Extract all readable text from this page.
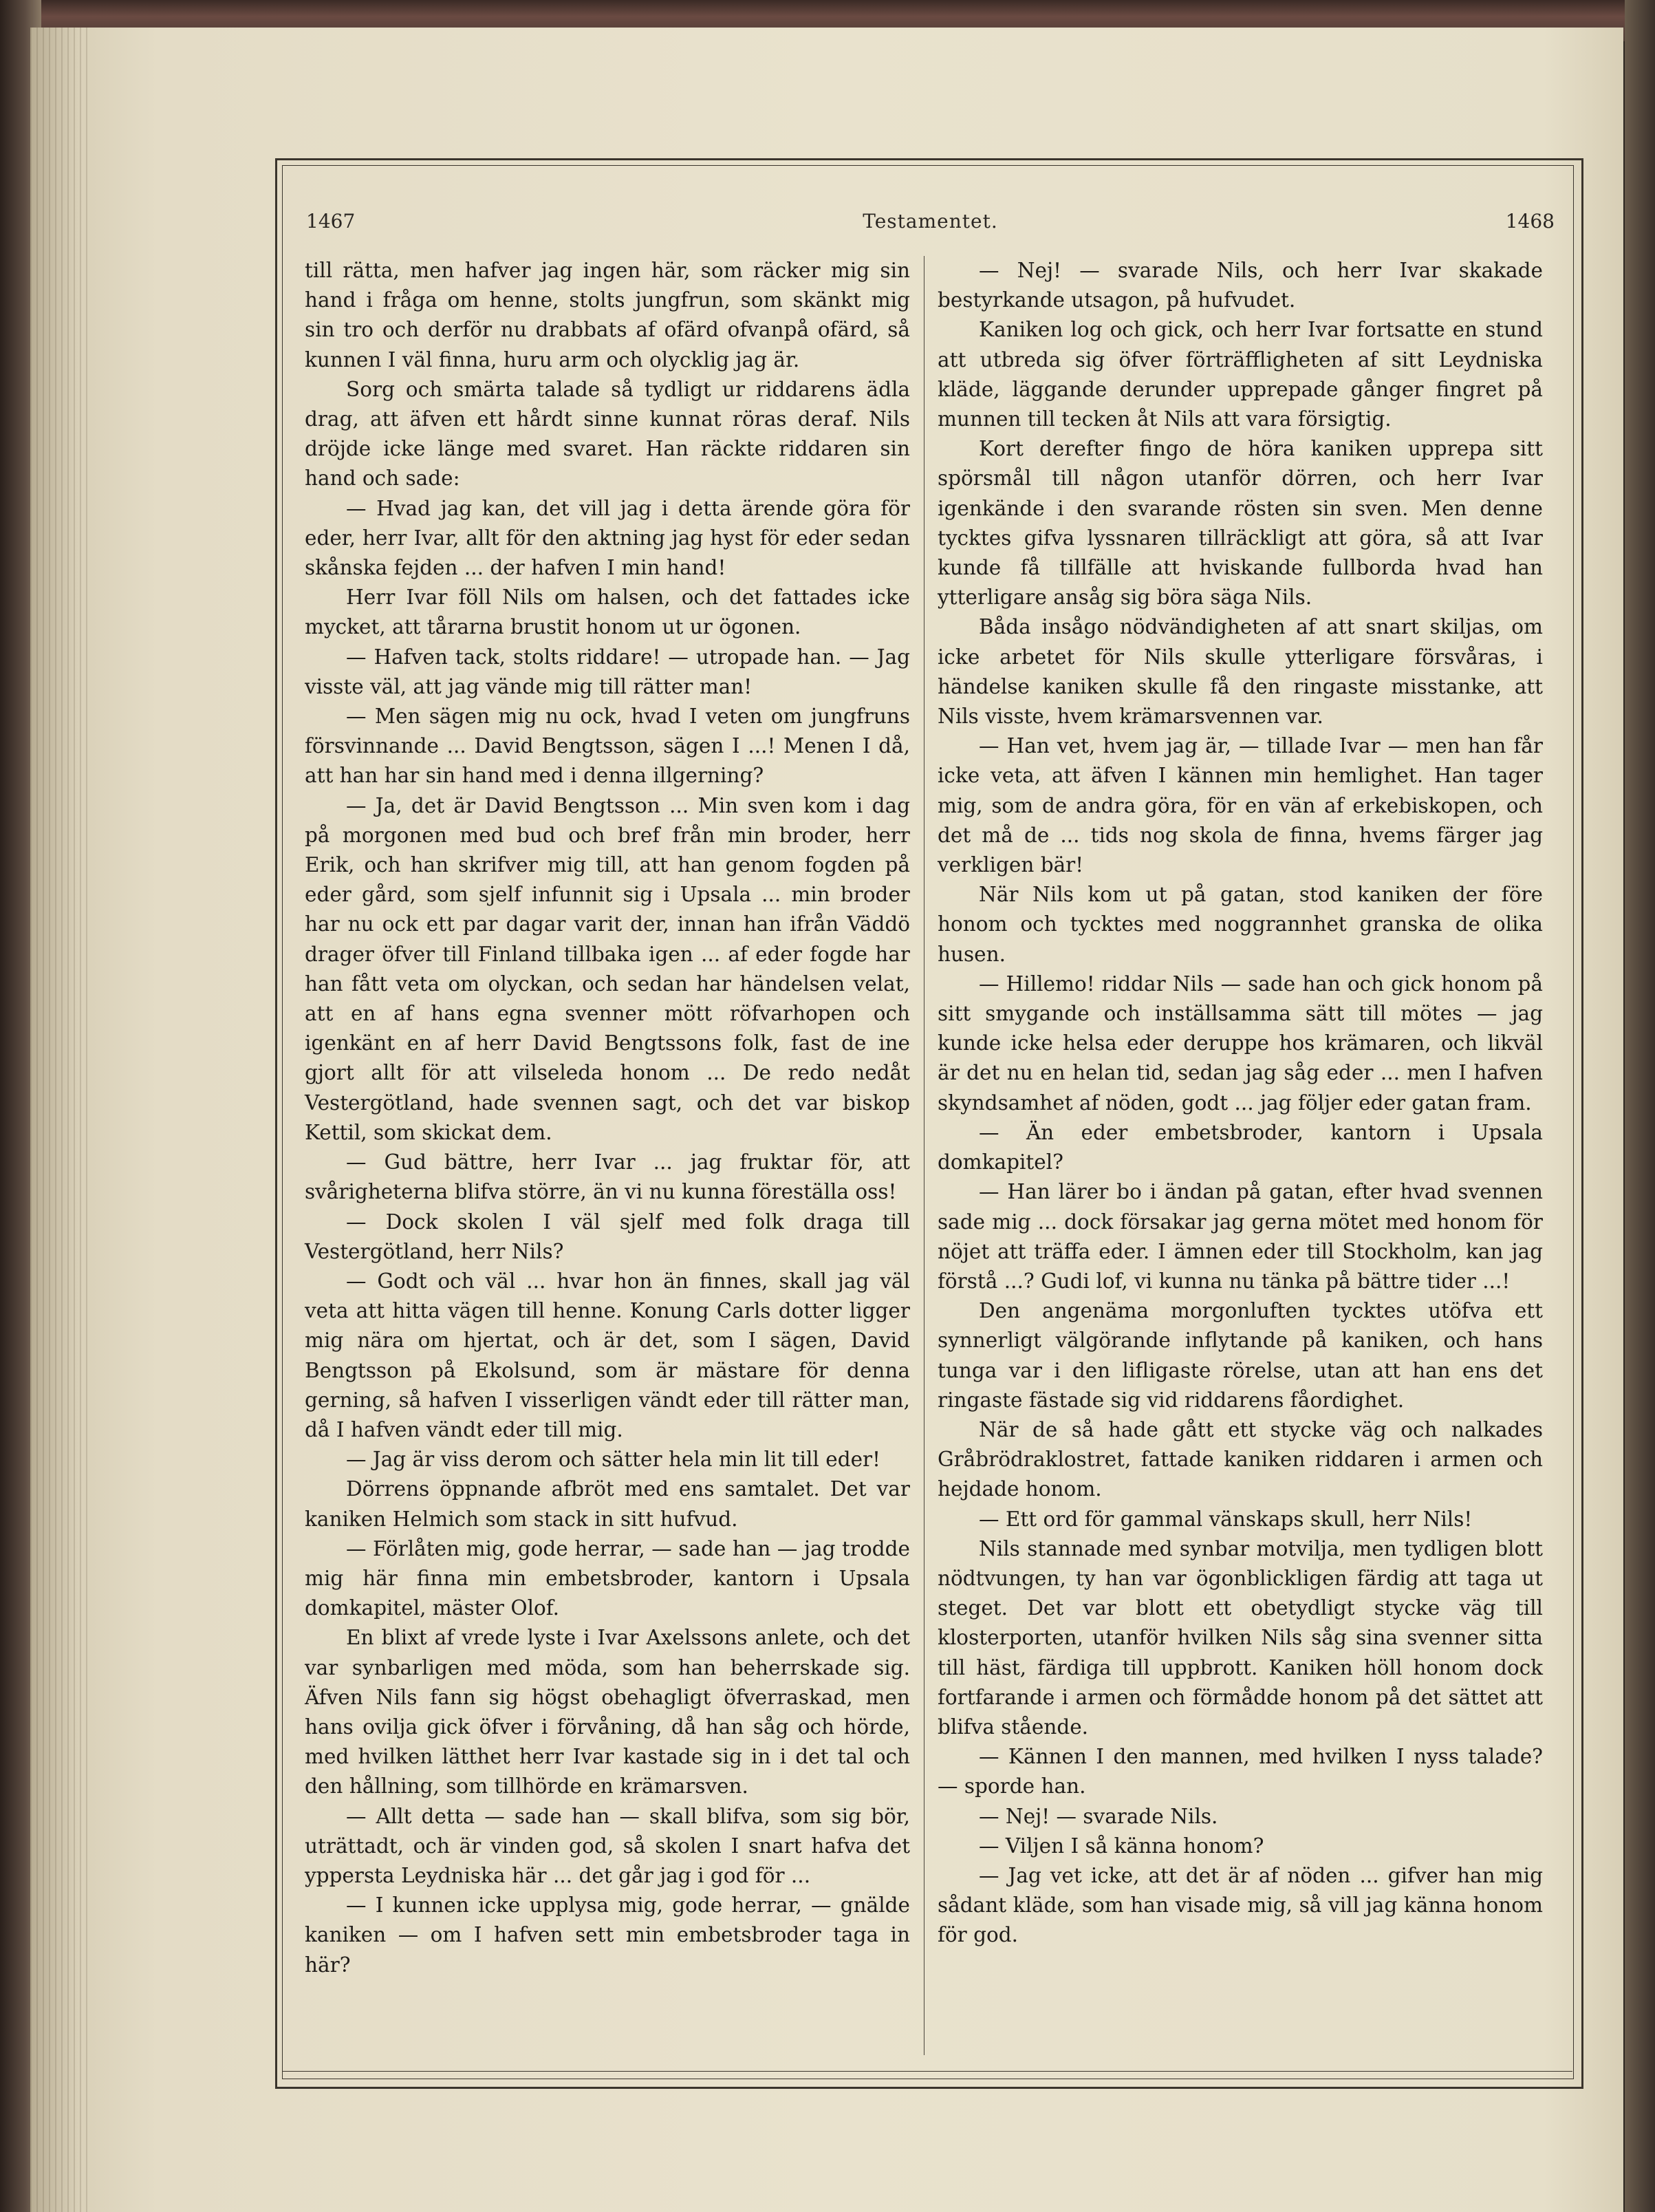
1467	Testamentet.	1468

till rätta, men hafver jag ingen här, som räcker mig sin hand i fråga om henne, stolts jungfrun, som skänkt mig sin tro och derför nu drabbats af ofärd ofvanpå ofärd, så kunnen I väl finna, huru arm och olycklig jag är.

Sorg och smärta talade så tydligt ur riddarens ädla drag, att äfven ett hårdt sinne kunnat röras deraf. Nils dröjde icke länge med svaret. Han räckte riddaren sin hand och sade:

— Hvad jag kan, det vill jag i detta ärende göra för eder, herr Ivar, allt för den aktning jag hyst för eder sedan skånska fejden ... der hafven I min hand!

Herr Ivar föll Nils om halsen, och det fattades icke mycket, att tårarna brustit honom ut ur ögonen.

— Hafven tack, stolts riddare! — utropade han. — Jag visste väl, att jag vände mig till rätter man!

— Men sägen mig nu ock, hvad I veten om jungfruns försvinnande ... David Bengtsson, sägen I ...! Menen I då, att han har sin hand med i denna illgerning?

— Ja, det är David Bengtsson ... Min sven kom i dag på morgonen med bud och bref från min broder, herr Erik, och han skrifver mig till, att han genom fogden på eder gård, som sjelf infunnit sig i Upsala ... min broder har nu ock ett par dagar varit der, innan han ifrån Väddö drager öfver till Finland tillbaka igen ... af eder fogde har han fått veta om olyckan, och sedan har händelsen velat, att en af hans egna svenner mött röfvarhopen och igenkänt en af herr David Bengtssons folk, fast de ine gjort allt för att vilseleda honom ... De redo nedåt Vestergötland, hade svennen sagt, och det var biskop Kettil, som skickat dem.

— Gud bättre, herr Ivar ... jag fruktar för, att svårigheterna blifva större, än vi nu kunna föreställa oss!

— Dock skolen I väl sjelf med folk draga till Vestergötland, herr Nils?

— Godt och väl ... hvar hon än finnes, skall jag väl veta att hitta vägen till henne. Konung Carls dotter ligger mig nära om hjertat, och är det, som I sägen, David Bengtsson på Ekolsund, som är mästare för denna gerning, så hafven I visserligen vändt eder till rätter man, då I hafven vändt eder till mig.

— Jag är viss derom och sätter hela min lit till eder!

Dörrens öppnande afbröt med ens samtalet. Det var kaniken Helmich som stack in sitt hufvud.

— Förlåten mig, gode herrar, — sade han — jag trodde mig här finna min embetsbroder, kantorn i Upsala domkapitel, mäster Olof.

En blixt af vrede lyste i Ivar Axelssons anlete, och det var synbarligen med möda, som han beherrskade sig. Äfven Nils fann sig högst obehagligt öfverraskad, men hans ovilja gick öfver i förvåning, då han såg och hörde, med hvilken lätthet herr Ivar kastade sig in i det tal och den hållning, som tillhörde en krämarsven.

— Allt detta — sade han — skall blifva, som sig bör, uträttadt, och är vinden god, så skolen I snart hafva det yppersta Leydniska här ... det går jag i god för ...

— I kunnen icke upplysa mig, gode herrar, — gnälde kaniken — om I hafven sett min embetsbroder taga in här?

— Nej! — svarade Nils, och herr Ivar skakade bestyrkande utsagon, på hufvudet.

Kaniken log och gick, och herr Ivar fortsatte en stund att utbreda sig öfver förträffligheten af sitt Leydniska kläde, läggande derunder upprepade gånger fingret på munnen till tecken åt Nils att vara försigtig.

Kort derefter fingo de höra kaniken upprepa sitt spörsmål till någon utanför dörren, och herr Ivar igenkände i den svarande rösten sin sven. Men denne tycktes gifva lyssnaren tillräckligt att göra, så att Ivar kunde få tillfälle att hviskande fullborda hvad han ytterligare ansåg sig böra säga Nils.

Båda insågo nödvändigheten af att snart skiljas, om icke arbetet för Nils skulle ytterligare försvåras, i händelse kaniken skulle få den ringaste misstanke, att Nils visste, hvem krämarsvennen var.

— Han vet, hvem jag är, — tillade Ivar — men han får icke veta, att äfven I kännen min hemlighet. Han tager mig, som de andra göra, för en vän af erkebiskopen, och det må de ... tids nog skola de finna, hvems färger jag verkligen bär!

När Nils kom ut på gatan, stod kaniken der före honom och tycktes med noggrannhet granska de olika husen.

— Hillemo! riddar Nils — sade han och gick honom på sitt smygande och inställsamma sätt till mötes — jag kunde icke helsa eder deruppe hos krämaren, och likväl är det nu en helan tid, sedan jag såg eder ... men I hafven skyndsamhet af nöden, godt ... jag följer eder gatan fram.

— Än eder embetsbroder, kantorn i Upsala domkapitel?

— Han lärer bo i ändan på gatan, efter hvad svennen sade mig ... dock försakar jag gerna mötet med honom för nöjet att träffa eder. I ämnen eder till Stockholm, kan jag förstå ...? Gudi lof, vi kunna nu tänka på bättre tider ...!

Den angenäma morgonluften tycktes utöfva ett synnerligt välgörande inflytande på kaniken, och hans tunga var i den lifligaste rörelse, utan att han ens det ringaste fästade sig vid riddarens fåordighet.

När de så hade gått ett stycke väg och nalkades Gråbrödraklostret, fattade kaniken riddaren i armen och hejdade honom.

— Ett ord för gammal vänskaps skull, herr Nils!

Nils stannade med synbar motvilja, men tydligen blott nödtvungen, ty han var ögonblickligen färdig att taga ut steget. Det var blott ett obetydligt stycke väg till klosterporten, utanför hvilken Nils såg sina svenner sitta till häst, färdiga till uppbrott. Kaniken höll honom dock fortfarande i armen och förmådde honom på det sättet att blifva stående.

— Kännen I den mannen, med hvilken I nyss talade? — sporde han.

— Nej! — svarade Nils.

— Viljen I så känna honom?

— Jag vet icke, att det är af nöden ... gifver han mig sådant kläde, som han visade mig, så vill jag känna honom för god.
